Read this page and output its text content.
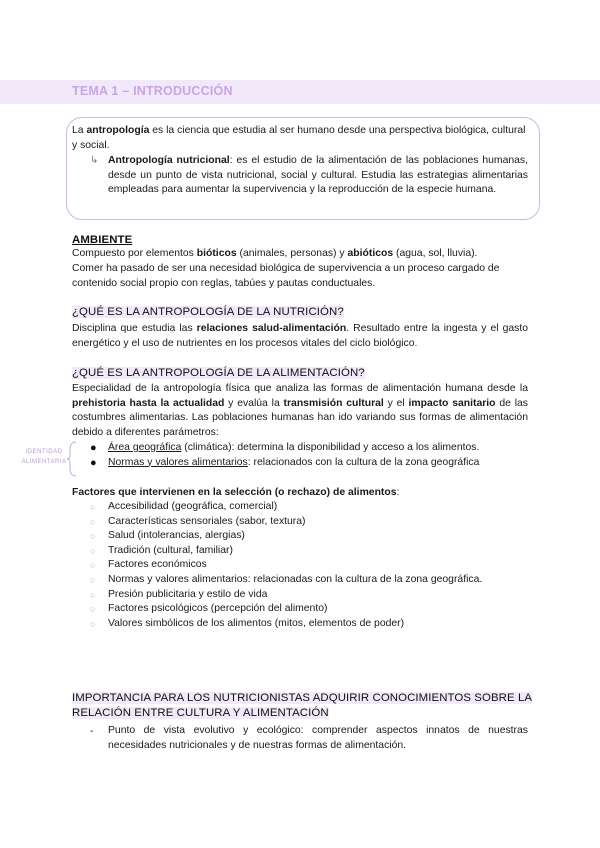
TEMA 1 – INTRODUCCIÓN

La antropología es la ciencia que estudia al ser humano desde una perspectiva biológica, cultural y social.

↳ Antropología nutricional: es el estudio de la alimentación de las poblaciones humanas, desde un punto de vista nutricional, social y cultural. Estudia las estrategias alimentarias empleadas para aumentar la supervivencia y la reproducción de la especie humana.

AMBIENTE

Compuesto por elementos bióticos (animales, personas) y abióticos (agua, sol, lluvia).

Comer ha pasado de ser una necesidad biológica de supervivencia a un proceso cargado de contenido social propio con reglas, tabúes y pautas conductuales.

¿QUÉ ES LA ANTROPOLOGÍA DE LA NUTRICIÓN?

Disciplina que estudia las relaciones salud-alimentación. Resultado entre la ingesta y el gasto energético y el uso de nutrientes en los procesos vitales del ciclo biológico.

¿QUÉ ES LA ANTROPOLOGÍA DE LA ALIMENTACIÓN?

Especialidad de la antropología física que analiza las formas de alimentación humana desde la prehistoria hasta la actualidad y evalúa la transmisión cultural y el impacto sanitario de las costumbres alimentarias. Las poblaciones humanas han ido variando sus formas de alimentación debido a diferentes parámetros:

IDENTIDAD ALIMENTARIA
● Área geográfica (climática): determina la disponibilidad y acceso a los alimentos.
● Normas y valores alimentarios: relacionados con la cultura de la zona geográfica

Factores que intervienen en la selección (o rechazo) de alimentos:

○ Accesibilidad (geográfica, comercial)
○ Características sensoriales (sabor, textura)
○ Salud (intolerancias, alergias)
○ Tradición (cultural, familiar)
○ Factores económicos
○ Normas y valores alimentarios: relacionadas con la cultura de la zona geográfica.
○ Presión publicitaria y estilo de vida
○ Factores psicológicos (percepción del alimento)
○ Valores simbólicos de los alimentos (mitos, elementos de poder)
IMPORTANCIA PARA LOS NUTRICIONISTAS ADQUIRIR CONOCIMIENTOS SOBRE LA
RELACIÓN ENTRE CULTURA Y ALIMENTACIÓN
- Punto de vista evolutivo y ecológico: comprender aspectos innatos de nuestras necesidades nutricionales y de nuestras formas de alimentación.
